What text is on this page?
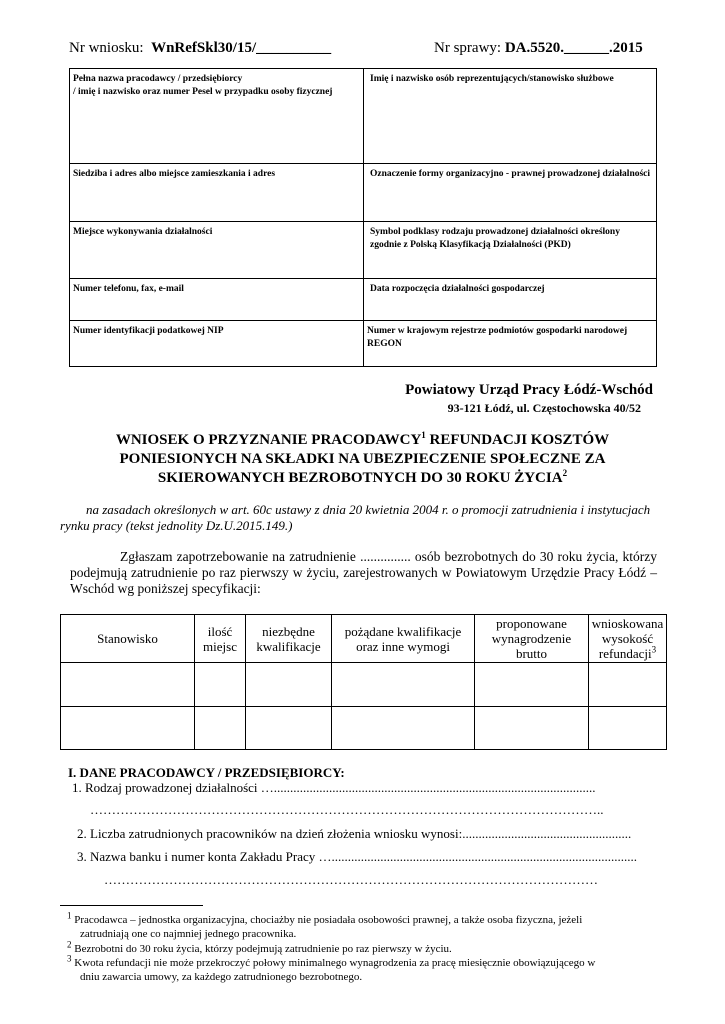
Nr wniosku: WnRefSkl30/15/__________	Nr sprawy: DA.5520.______.2015
Pełna nazwa pracodawcy / przedsiębiorcy
/ imię i nazwisko oraz numer Pesel w przypadku osoby fizycznej	Imię i nazwisko osób reprezentujących/stanowisko służbowe

Siedziba i adres albo miejsce zamieszkania i adres	Oznaczenie formy organizacyjno - prawnej prowadzonej działalności

Miejsce wykonywania działalności	Symbol podklasy rodzaju prowadzonej działalności określony zgodnie z Polską Klasyfikacją Działalności (PKD)

Numer telefonu, fax, e-mail	Data rozpoczęcia działalności gospodarczej

Numer identyfikacji podatkowej NIP	Numer w krajowym rejestrze podmiotów gospodarki narodowej REGON
Powiatowy Urząd Pracy Łódź-Wschód
93-121 Łódź, ul. Częstochowska 40/52
WNIOSEK O PRZYZNANIE PRACODAWCY$^1$ REFUNDACJI KOSZTÓW
PONIESIONYCH NA SKŁADKI NA UBEZPIECZENIE SPOŁECZNE ZA
SKIEROWANYCH BEZROBOTNYCH DO 30 ROKU ŻYCIA$^2$
na zasadach określonych w art. 60c ustawy z dnia 20 kwietnia 2004 r. o promocji zatrudnienia i instytucjach rynku pracy (tekst jednolity Dz.U.2015.149.)
Zgłaszam zapotrzebowanie na zatrudnienie ............... osób bezrobotnych do 30 roku życia, którzy podejmują zatrudnienie po raz pierwszy w życiu, zarejestrowanych w Powiatowym Urzędzie Pracy Łódź – Wschód wg poniższej specyfikacji:
Stanowisko	ilość miejsc	niezbędne kwalifikacje	pożądane kwalifikacje oraz inne wymogi	proponowane wynagrodzenie brutto	wnioskowana wysokość refundacji$^3$

I. DANE PRACODAWCY / PRZEDSIĘBIORCY:
1. Rodzaj prowadzonej działalności …...................................................................................................
………………………………………………………………………………………………………..
2. Liczba zatrudnionych pracowników na dzień złożenia wniosku wynosi:....................................................
3. Nazwa banku i numer konta Zakładu Pracy …..............................................................................................
……………………………………………………………………………………………………
$^1$ Pracodawca – jednostka organizacyjna, chociażby nie posiadała osobowości prawnej, a także osoba fizyczna, jeżeli
zatrudniają one co najmniej jednego pracownika.
$^2$ Bezrobotni do 30 roku życia, którzy podejmują zatrudnienie po raz pierwszy w życiu.
$^3$ Kwota refundacji nie może przekroczyć połowy minimalnego wynagrodzenia za pracę miesięcznie obowiązującego w
dniu zawarcia umowy, za każdego zatrudnionego bezrobotnego.
